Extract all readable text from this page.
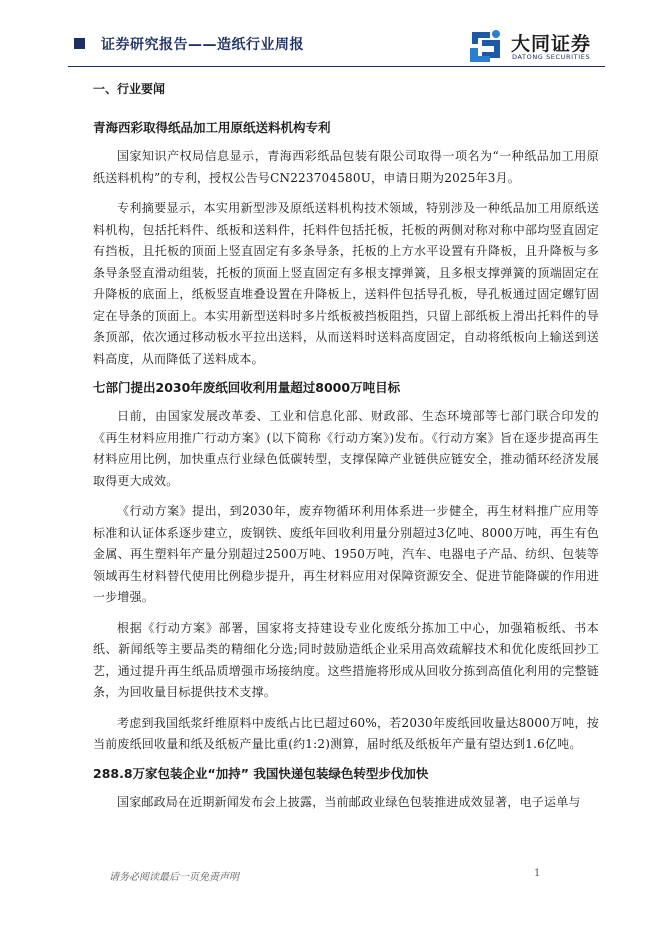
证券研究报告——造纸行业周报	大同证券
DATONG SECURITIES
一、行业要闻
青海西彩取得纸品加工用原纸送料机构专利

国家知识产权局信息显示，青海西彩纸品包装有限公司取得一项名为“一种纸品加工用原纸送料机构”的专利，授权公告号CN223704580U，申请日期为2025年3月。

专利摘要显示，本实用新型涉及原纸送料机构技术领域，特别涉及一种纸品加工用原纸送料机构，包括托料件、纸板和送料件，托料件包括托板，托板的两侧对称对称中部均竖直固定有挡板，且托板的顶面上竖直固定有多条导条，托板的上方水平设置有升降板，且升降板与多条导条竖直滑动组装，托板的顶面上竖直固定有多根支撑弹簧，且多根支撑弹簧的顶端固定在升降板的底面上，纸板竖直堆叠设置在升降板上，送料件包括导孔板，导孔板通过固定螺钉固定在导条的顶面上。本实用新型送料时多片纸板被挡板阻挡，只留上部纸板上滑出托料件的导条顶部，依次通过移动板水平拉出送料，从而送料时送料高度固定，自动将纸板向上输送到送料高度，从而降低了送料成本。

七部门提出2030年废纸回收利用量超过8000万吨目标

日前，由国家发展改革委、工业和信息化部、财政部、生态环境部等七部门联合印发的《再生材料应用推广行动方案》(以下简称《行动方案》)发布。《行动方案》旨在逐步提高再生材料应用比例，加快重点行业绿色低碳转型，支撑保障产业链供应链安全，推动循环经济发展取得更大成效。

《行动方案》提出，到2030年，废弃物循环利用体系进一步健全，再生材料推广应用等标准和认证体系逐步建立，废钢铁、废纸年回收利用量分别超过3亿吨、8000万吨，再生有色金属、再生塑料年产量分别超过2500万吨、1950万吨，汽车、电器电子产品、纺织、包装等领域再生材料替代使用比例稳步提升，再生材料应用对保障资源安全、促进节能降碳的作用进一步增强。

根据《行动方案》部署，国家将支持建设专业化废纸分拣加工中心，加强箱板纸、书本纸、新闻纸等主要品类的精细化分选;同时鼓励造纸企业采用高效疏解技术和优化废纸回抄工艺，通过提升再生纸品质增强市场接纳度。这些措施将形成从回收分拣到高值化利用的完整链条，为回收量目标提供技术支撑。

考虑到我国纸浆纤维原料中废纸占比已超过60%，若2030年废纸回收量达8000万吨，按当前废纸回收量和纸及纸板产量比重(约1:2)测算，届时纸及纸板年产量有望达到1.6亿吨。

288.8万家包装企业“加持” 我国快递包装绿色转型步伐加快

国家邮政局在近期新闻发布会上披露，当前邮政业绿色包装推进成效显著，电子运单与

请务必阅读最后一页免责声明	1
